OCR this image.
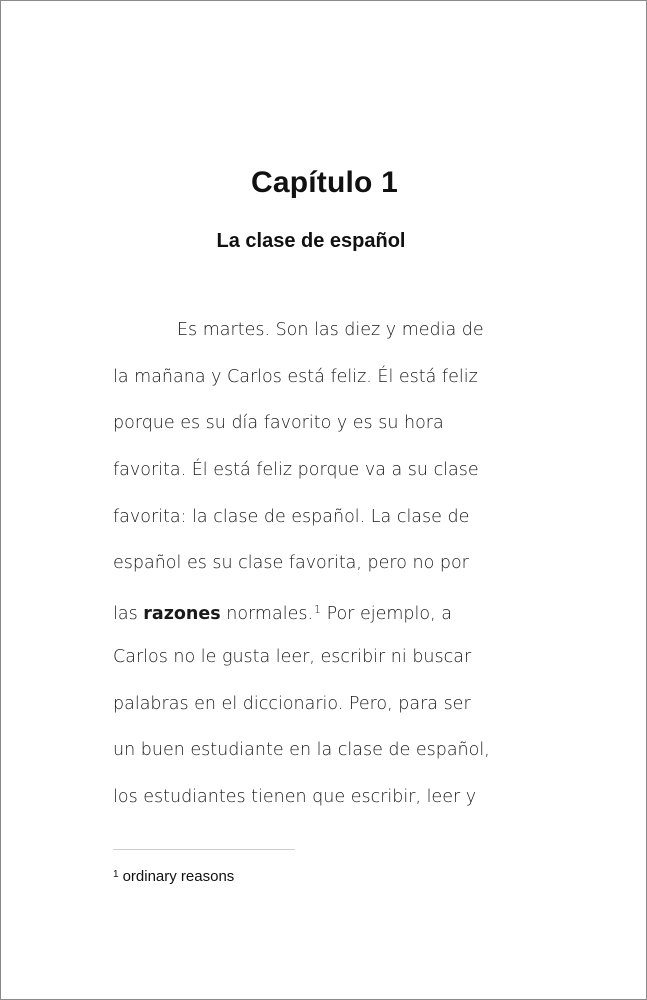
Capítulo 1
La clase de español
Es martes. Son las diez y media de
la mañana y Carlos está feliz. Él está feliz
porque es su día favorito y es su hora
favorita. Él está feliz porque va a su clase
favorita: la clase de español. La clase de
español es su clase favorita, pero no por
las razones normales.$^1$ Por ejemplo, a
Carlos no le gusta leer, escribir ni buscar
palabras en el diccionario. Pero, para ser
un buen estudiante en la clase de español,
los estudiantes tienen que escribir, leer y
$^1$ ordinary reasons
